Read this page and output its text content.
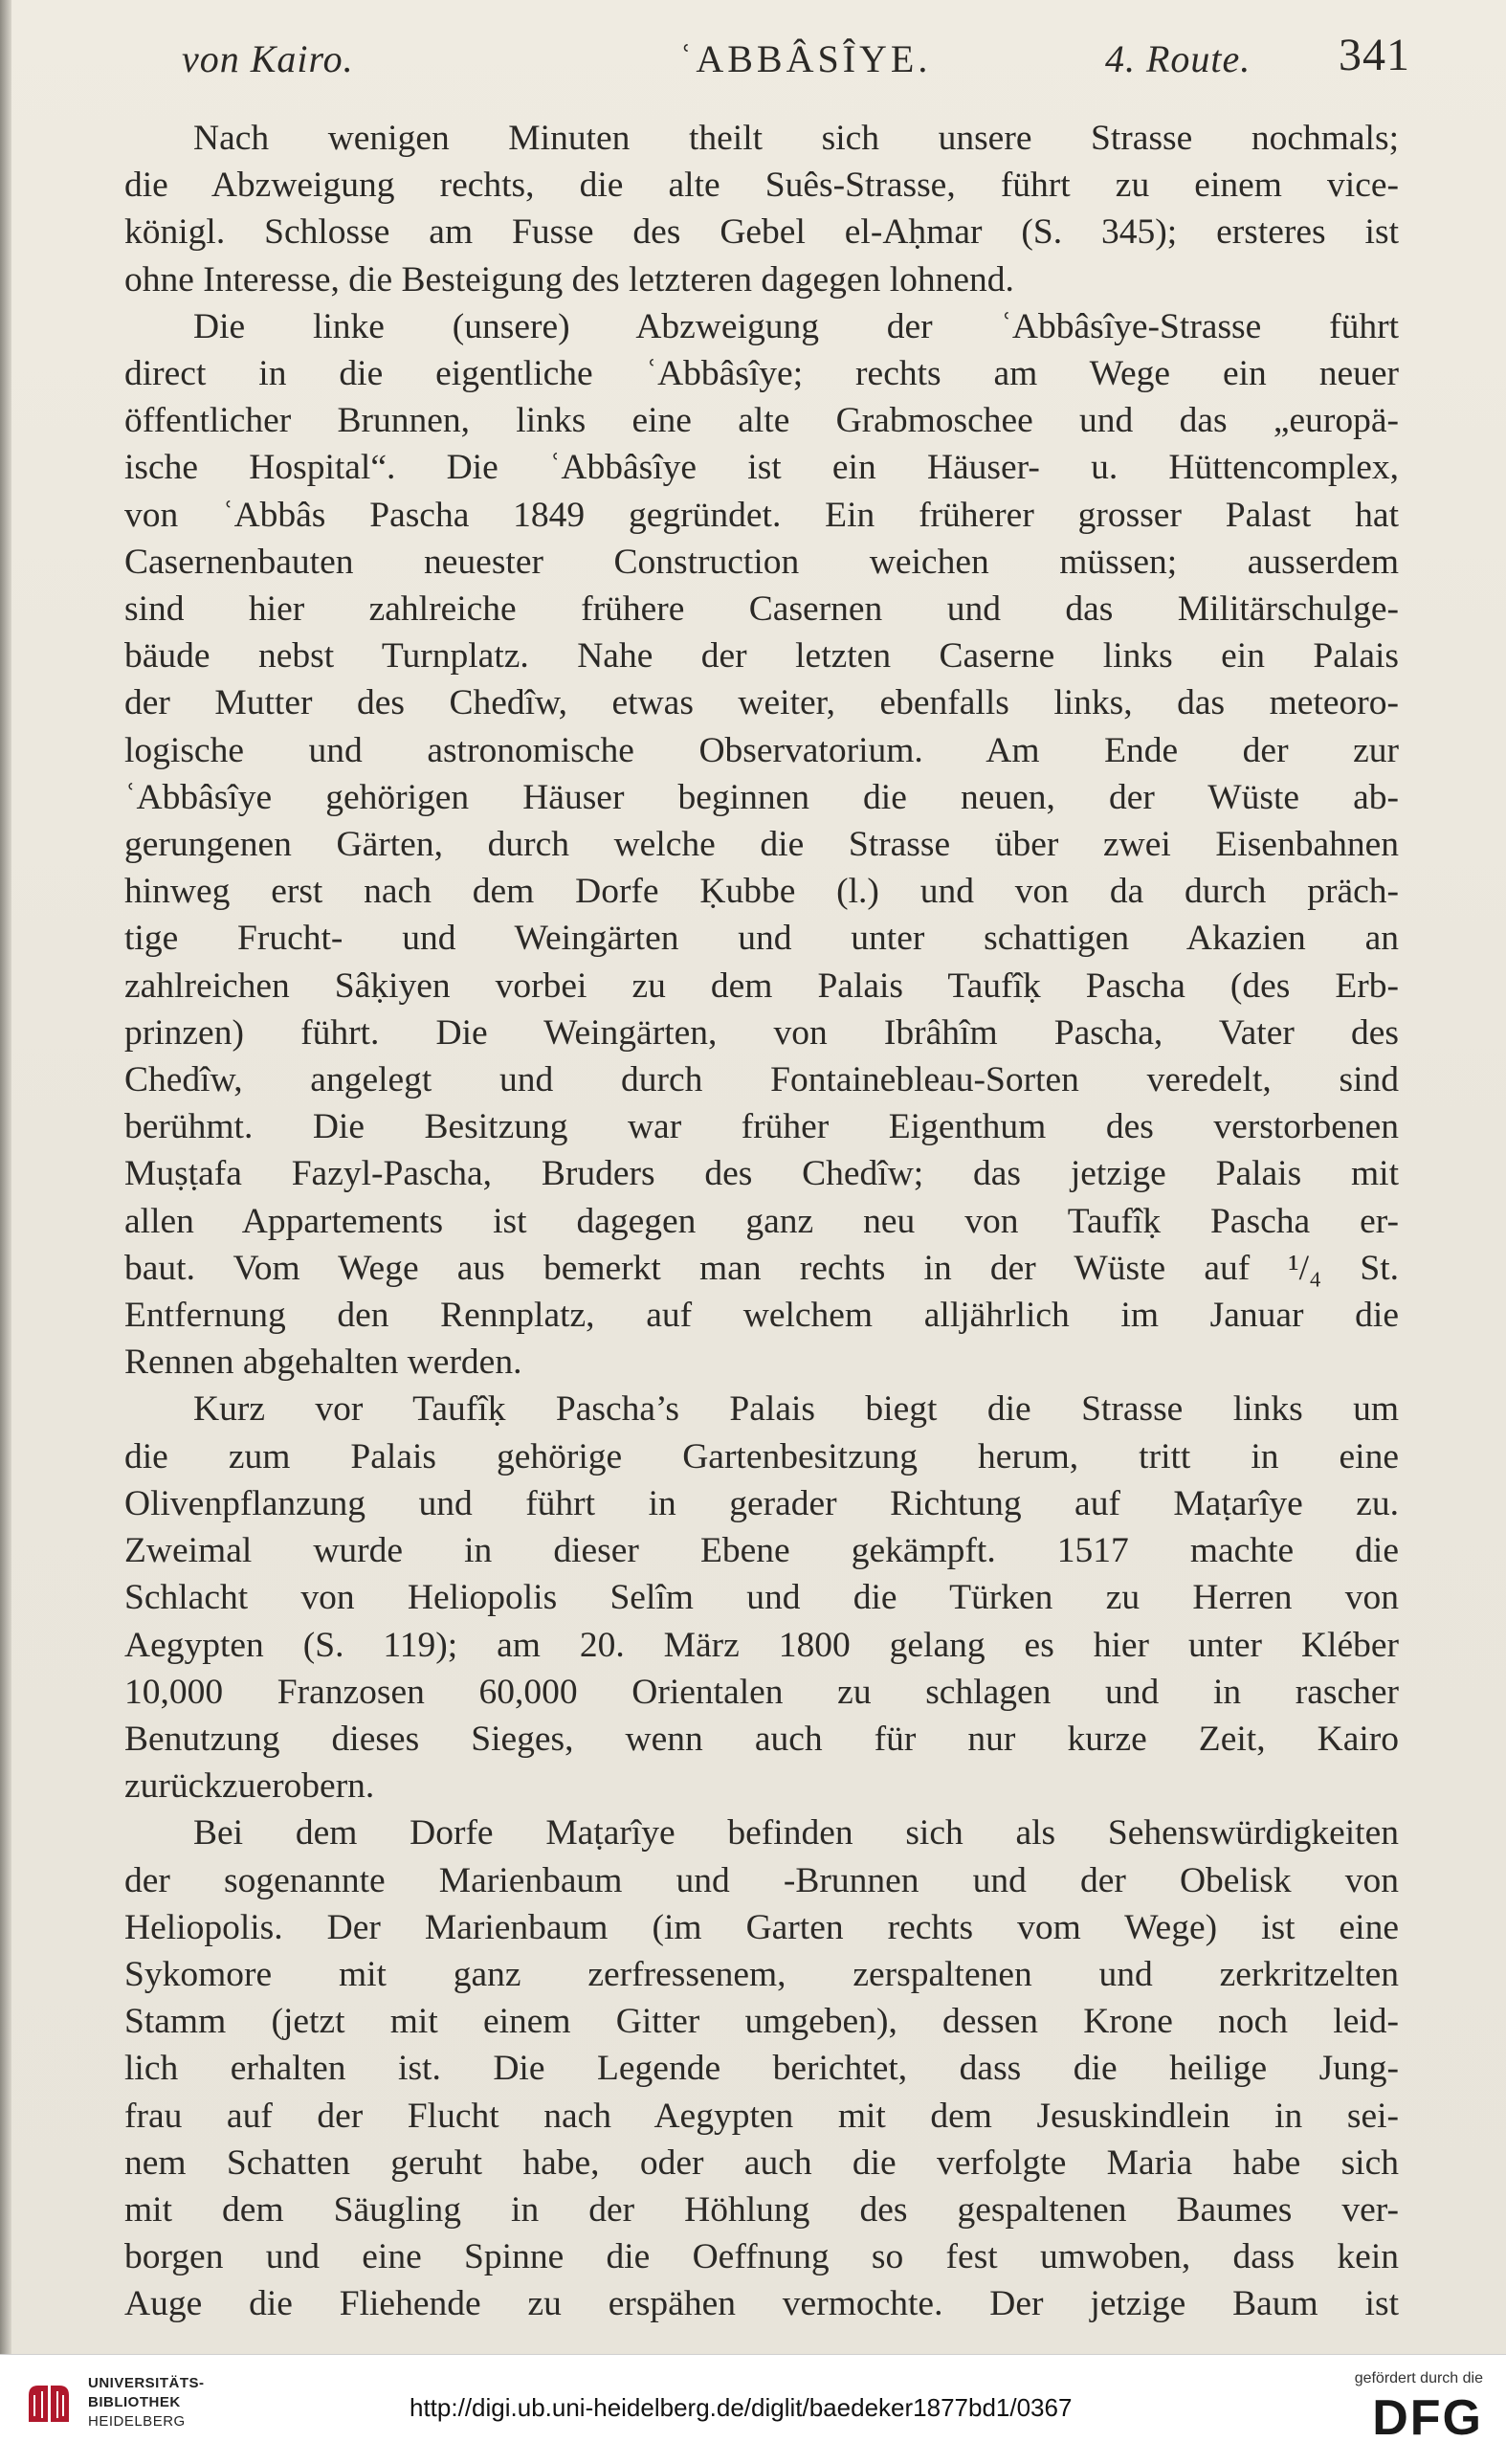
von Kairo.	ʿABBÂSÎYE.	4. Route. 341
Nach wenigen Minuten theilt sich unsere Strasse nochmals;
die Abzweigung rechts, die alte Suês-Strasse, führt zu einem vice-
königl. Schlosse am Fusse des Gebel el-Aḥmar (S. 345); ersteres ist
ohne Interesse, die Besteigung des letzteren dagegen lohnend.
Die linke (unsere) Abzweigung der ʿAbbâsîye-Strasse führt
direct in die eigentliche ʿAbbâsîye; rechts am Wege ein neuer
öffentlicher Brunnen, links eine alte Grabmoschee und das „europä-
ische Hospital“. Die ʿAbbâsîye ist ein Häuser- u. Hüttencomplex,
von ʿAbbâs Pascha 1849 gegründet. Ein früherer grosser Palast hat
Casernenbauten neuester Construction weichen müssen; ausserdem
sind hier zahlreiche frühere Casernen und das Militärschulge-
bäude nebst Turnplatz. Nahe der letzten Caserne links ein Palais
der Mutter des Chedîw, etwas weiter, ebenfalls links, das meteoro-
logische und astronomische Observatorium. Am Ende der zur
ʿAbbâsîye gehörigen Häuser beginnen die neuen, der Wüste ab-
gerungenen Gärten, durch welche die Strasse über zwei Eisenbahnen
hinweg erst nach dem Dorfe Ḳubbe (l.) und von da durch präch-
tige Frucht- und Weingärten und unter schattigen Akazien an
zahlreichen Sâḳiyen vorbei zu dem Palais Taufîḳ Pascha (des Erb-
prinzen) führt. Die Weingärten, von Ibrâhîm Pascha, Vater des
Chedîw, angelegt und durch Fontainebleau-Sorten veredelt, sind
berühmt. Die Besitzung war früher Eigenthum des verstorbenen
Muṣṭafa Fazyl-Pascha, Bruders des Chedîw; das jetzige Palais mit
allen Appartements ist dagegen ganz neu von Taufîḳ Pascha er-
baut. Vom Wege aus bemerkt man rechts in der Wüste auf ¹/₄ St.
Entfernung den Rennplatz, auf welchem alljährlich im Januar die
Rennen abgehalten werden.
Kurz vor Taufîḳ Pascha’s Palais biegt die Strasse links um
die zum Palais gehörige Gartenbesitzung herum, tritt in eine
Olivenpflanzung und führt in gerader Richtung auf Maṭarîye zu.
Zweimal wurde in dieser Ebene gekämpft. 1517 machte die
Schlacht von Heliopolis Selîm und die Türken zu Herren von
Aegypten (S. 119); am 20. März 1800 gelang es hier unter Kléber
10,000 Franzosen 60,000 Orientalen zu schlagen und in rascher
Benutzung dieses Sieges, wenn auch für nur kurze Zeit, Kairo
zurückzuerobern.
Bei dem Dorfe Maṭarîye befinden sich als Sehenswürdigkeiten
der sogenannte Marienbaum und -Brunnen und der Obelisk von
Heliopolis. Der Marienbaum (im Garten rechts vom Wege) ist eine
Sykomore mit ganz zerfressenem, zerspaltenen und zerkritzelten
Stamm (jetzt mit einem Gitter umgeben), dessen Krone noch leid-
lich erhalten ist. Die Legende berichtet, dass die heilige Jung-
frau auf der Flucht nach Aegypten mit dem Jesuskindlein in sei-
nem Schatten geruht habe, oder auch die verfolgte Maria habe sich
mit dem Säugling in der Höhlung des gespaltenen Baumes ver-
borgen und eine Spinne die Oeffnung so fest umwoben, dass kein
Auge die Fliehende zu erspähen vermochte. Der jetzige Baum ist
UNIVERSITÄTS-
BIBLIOTHEK
HEIDELBERG	http://digi.ub.uni-heidelberg.de/diglit/baedeker1877bd1/0367
gefördert durch die
DFG
